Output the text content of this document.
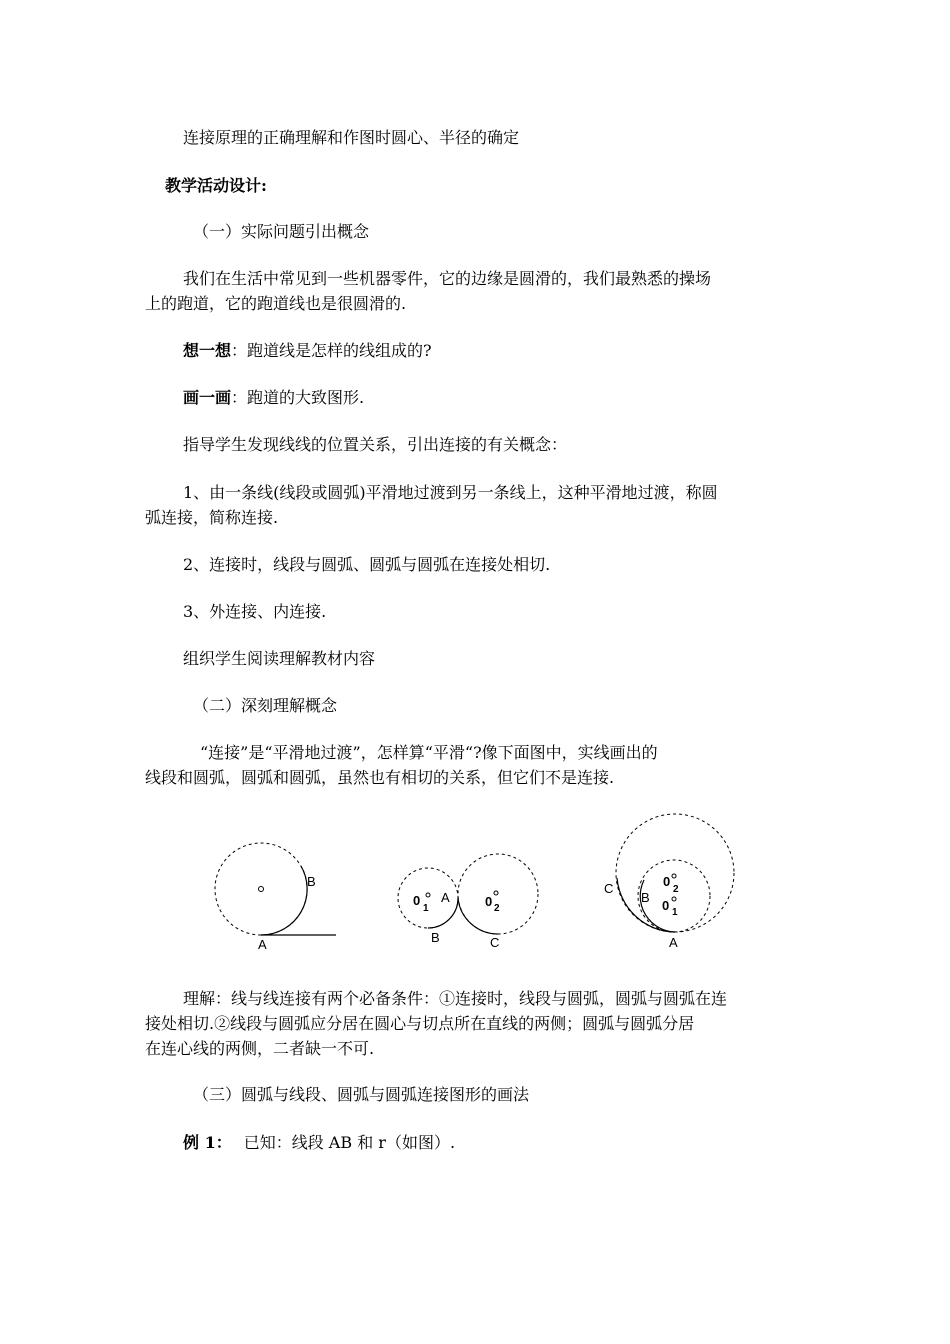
连接原理的正确理解和作图时圆心、半径的确定
教学活动设计:
（一）实际问题引出概念
我们在生活中常见到一些机器零件，它的边缘是圆滑的，我们最熟悉的操场
上的跑道，它的跑道线也是很圆滑的.
想一想：跑道线是怎样的线组成的?
画一画：跑道的大致图形.
指导学生发现线线的位置关系，引出连接的有关概念：
1、由一条线(线段或圆弧)平滑地过渡到另一条线上，这种平滑地过渡，称圆
弧连接，简称连接.
2、连接时，线段与圆弧、圆弧与圆弧在连接处相切.
3、外连接、内连接.
组织学生阅读理解教材内容
（二）深刻理解概念
“连接”是“平滑地过渡”，怎样算“平滑“?像下面图中，实线画出的
线段和圆弧，圆弧和圆弧，虽然也有相切的关系，但它们不是连接.
B
A
0
1
A	0 2
B	C
C
B
0
2
0 1
A
理解：线与线连接有两个必备条件：①连接时，线段与圆弧，圆弧与圆弧在连
接处相切.②线段与圆弧应分居在圆心与切点所在直线的两侧；圆弧与圆弧分居
在连心线的两侧，二者缺一不可.
（三）圆弧与线段、圆弧与圆弧连接图形的画法
例 1： 已知：线段 AB 和 r（如图）.
